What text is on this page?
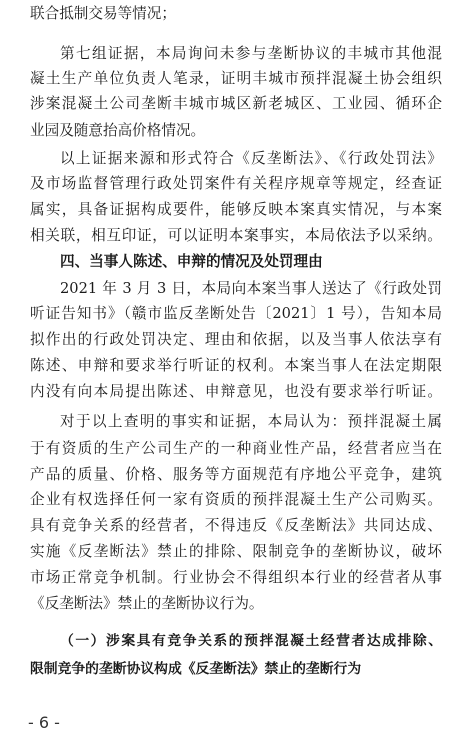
联合抵制交易等情况；
第七组证据，本局询问未参与垄断协议的丰城市其他混
凝土生产单位负责人笔录，证明丰城市预拌混凝土协会组织
涉案混凝土公司垄断丰城市城区新老城区、工业园、循环企
业园及随意抬高价格情况。
以上证据来源和形式符合《反垄断法》、《行政处罚法》
及市场监督管理行政处罚案件有关程序规章等规定，经查证
属实，具备证据构成要件，能够反映本案真实情况，与本案
相关联，相互印证，可以证明本案事实，本局依法予以采纳。
四、当事人陈述、申辩的情况及处罚理由
2021 年 3 月 3 日，本局向本案当事人送达了《行政处罚
听证告知书》（赣市监反垄断处告〔2021〕1 号），告知本局
拟作出的行政处罚决定、理由和依据，以及当事人依法享有
陈述、申辩和要求举行听证的权利。本案当事人在法定期限
内没有向本局提出陈述、申辩意见，也没有要求举行听证。
对于以上查明的事实和证据，本局认为：预拌混凝土属
于有资质的生产公司生产的一种商业性产品，经营者应当在
产品的质量、价格、服务等方面规范有序地公平竞争，建筑
企业有权选择任何一家有资质的预拌混凝土生产公司购买。
具有竞争关系的经营者，不得违反《反垄断法》共同达成、
实施《反垄断法》禁止的排除、限制竞争的垄断协议，破坏
市场正常竞争机制。行业协会不得组织本行业的经营者从事
《反垄断法》禁止的垄断协议行为。
（一）涉案具有竞争关系的预拌混凝土经营者达成排除、
限制竞争的垄断协议构成《反垄断法》禁止的垄断行为
- 6 -
